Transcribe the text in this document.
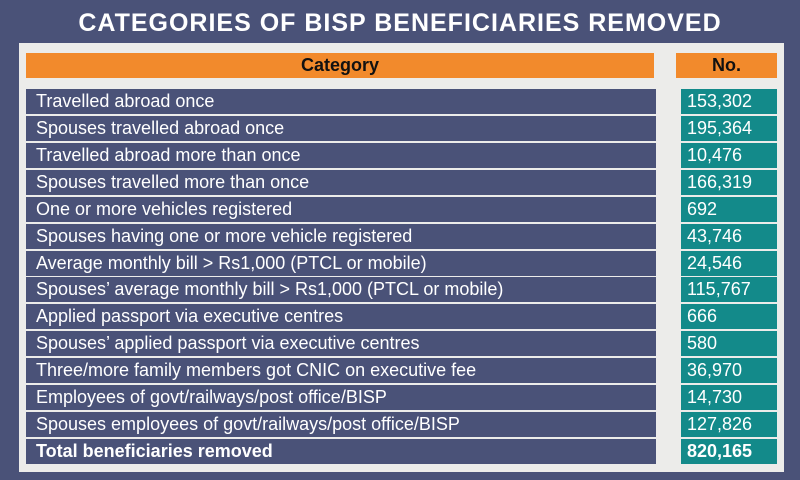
CATEGORIES OF BISP BENEFICIARIES REMOVED
Category	No.
Travelled abroad once	153,302
Spouses travelled abroad once	195,364
Travelled abroad more than once	10,476
Spouses travelled more than once	166,319
One or more vehicles registered	692
Spouses having one or more vehicle registered	43,746
Average monthly bill > Rs1,000 (PTCL or mobile)	24,546
Spouses’ average monthly bill > Rs1,000 (PTCL or mobile)	115,767
Applied passport via executive centres	666
Spouses’ applied passport via executive centres	580
Three/more family members got CNIC on executive fee	36,970
Employees of govt/railways/post office/BISP	14,730
Spouses employees of govt/railways/post office/BISP	127,826
Total beneficiaries removed	820,165
